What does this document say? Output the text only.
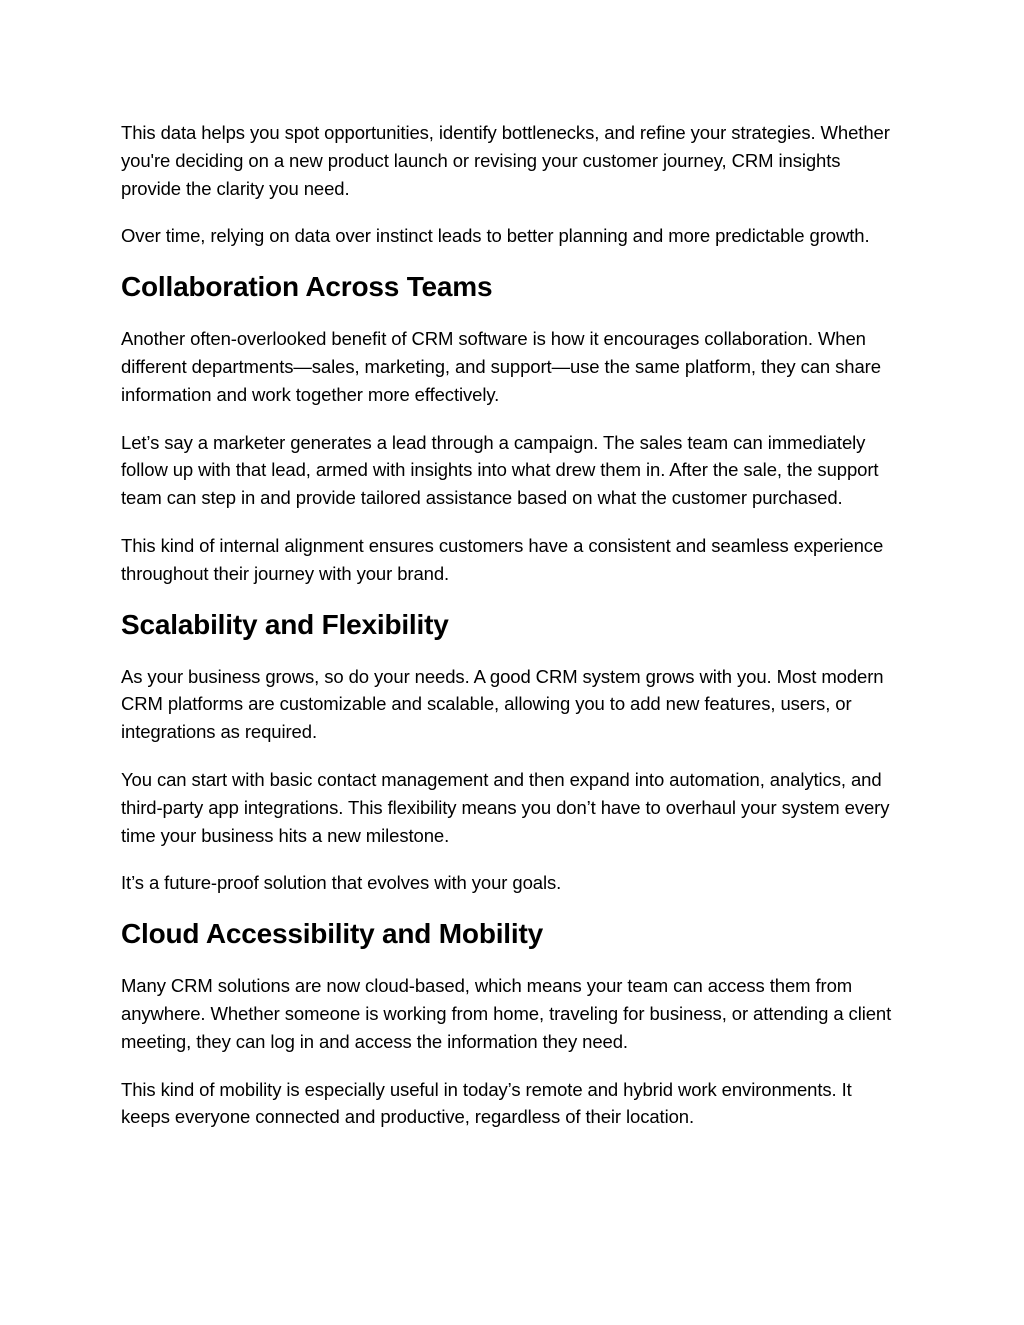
This data helps you spot opportunities, identify bottlenecks, and refine your strategies. Whether you're deciding on a new product launch or revising your customer journey, CRM insights provide the clarity you need.

Over time, relying on data over instinct leads to better planning and more predictable growth.

Collaboration Across Teams

Another often-overlooked benefit of CRM software is how it encourages collaboration. When different departments—sales, marketing, and support—use the same platform, they can share information and work together more effectively.

Let’s say a marketer generates a lead through a campaign. The sales team can immediately follow up with that lead, armed with insights into what drew them in. After the sale, the support team can step in and provide tailored assistance based on what the customer purchased.

This kind of internal alignment ensures customers have a consistent and seamless experience throughout their journey with your brand.

Scalability and Flexibility

As your business grows, so do your needs. A good CRM system grows with you. Most modern CRM platforms are customizable and scalable, allowing you to add new features, users, or integrations as required.

You can start with basic contact management and then expand into automation, analytics, and third-party app integrations. This flexibility means you don’t have to overhaul your system every time your business hits a new milestone.

It’s a future-proof solution that evolves with your goals.

Cloud Accessibility and Mobility

Many CRM solutions are now cloud-based, which means your team can access them from anywhere. Whether someone is working from home, traveling for business, or attending a client meeting, they can log in and access the information they need.

This kind of mobility is especially useful in today’s remote and hybrid work environments. It keeps everyone connected and productive, regardless of their location.
